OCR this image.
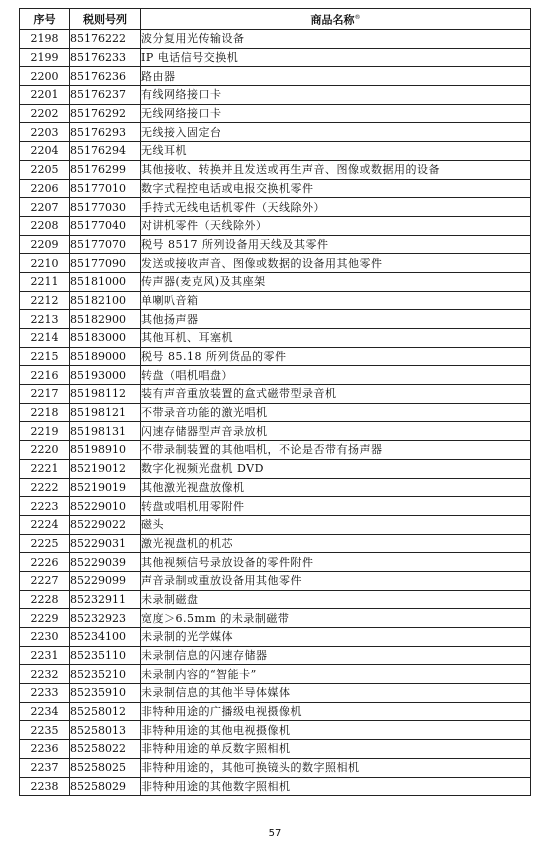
序号	税则号列	商品名称®
2198	85176222	波分复用光传输设备
2199	85176233	IP 电话信号交换机
2200	85176236	路由器
2201	85176237	有线网络接口卡
2202	85176292	无线网络接口卡
2203	85176293	无线接入固定台
2204	85176294	无线耳机
2205	85176299	其他接收、转换并且发送或再生声音、图像或数据用的设备
2206	85177010	数字式程控电话或电报交换机零件
2207	85177030	手持式无线电话机零件（天线除外）
2208	85177040	对讲机零件（天线除外）
2209	85177070	税号 8517 所列设备用天线及其零件
2210	85177090	发送或接收声音、图像或数据的设备用其他零件
2211	85181000	传声器(麦克风)及其座架
2212	85182100	单喇叭音箱
2213	85182900	其他扬声器
2214	85183000	其他耳机、耳塞机
2215	85189000	税号 85.18 所列货品的零件
2216	85193000	转盘（唱机唱盘）
2217	85198112	装有声音重放装置的盒式磁带型录音机
2218	85198121	不带录音功能的激光唱机
2219	85198131	闪速存储器型声音录放机
2220	85198910	不带录制装置的其他唱机，不论是否带有扬声器
2221	85219012	数字化视频光盘机 DVD
2222	85219019	其他激光视盘放像机
2223	85229010	转盘或唱机用零附件
2224	85229022	磁头
2225	85229031	激光视盘机的机芯
2226	85229039	其他视频信号录放设备的零件附件
2227	85229099	声音录制或重放设备用其他零件
2228	85232911	未录制磁盘
2229	85232923	宽度＞6.5mm 的未录制磁带
2230	85234100	未录制的光学媒体
2231	85235110	未录制信息的闪速存储器
2232	85235210	未录制内容的“智能卡”
2233	85235910	未录制信息的其他半导体媒体
2234	85258012	非特种用途的广播级电视摄像机
2235	85258013	非特种用途的其他电视摄像机
2236	85258022	非特种用途的单反数字照相机
2237	85258025	非特种用途的，其他可换镜头的数字照相机
2238	85258029	非特种用途的其他数字照相机
57
